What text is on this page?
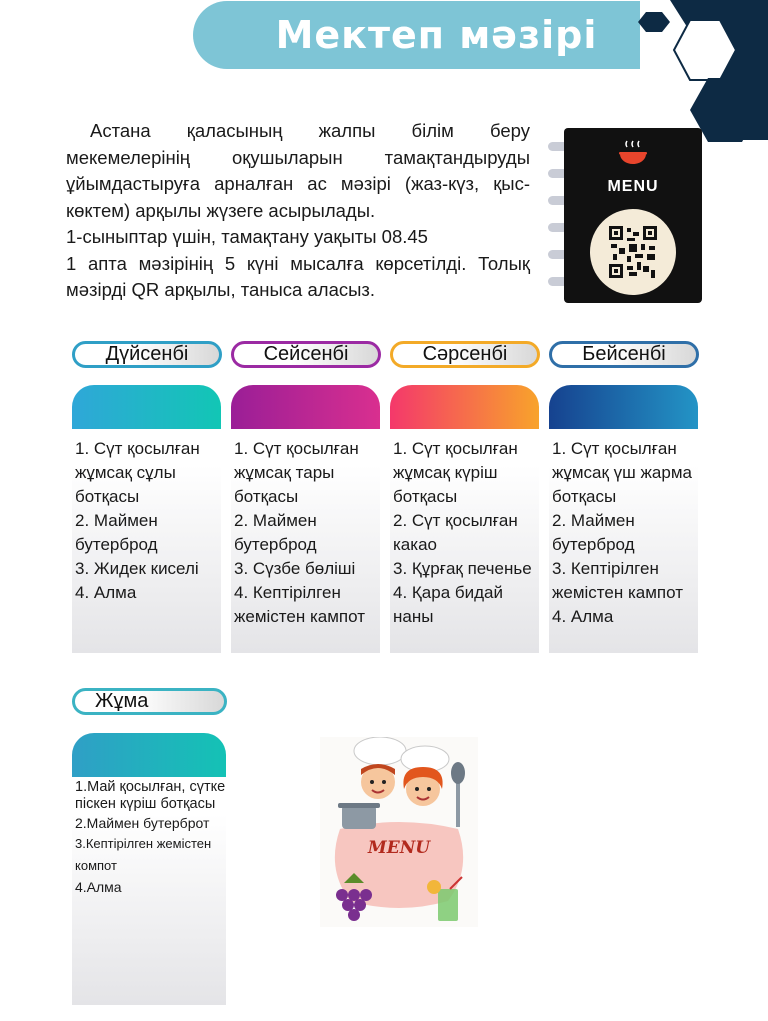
Мектеп мәзірі

Астана қаласының жалпы білім беру мекемелерінің оқушыларын тамақтандыруды ұйымдастыруға арналған ас мәзірі (жаз-күз, қыс-көктем) арқылы жүзеге асырылады.

1-сыныптар үшін, тамақтану уақыты 08.45

1 апта мәзірінің 5 күні мысалға көрсетілді. Толық мәзірді QR арқылы, таныса аласыз.

MENU
Дүйсенбі	Сейсенбі	Сәрсенбі	Бейсенбі
1. Сүт қосылған жұмсақ сұлы ботқасы
2. Маймен бутерброд
3. Жидек киселі
4. Алма
1. Сүт қосылған жұмсақ тары ботқасы
2. Маймен бутерброд
3. Сүзбе бөліші
4. Кептірілген жемістен кампот
1. Сүт қосылған жұмсақ күріш ботқасы
2. Сүт қосылған какао
3. Құрғақ печенье
4. Қара бидай наны
1. Сүт қосылған жұмсақ үш жарма ботқасы
2. Маймен бутерброд
3. Кептірілген жемістен кампот
4. Алма
Жұма
1.Май қосылған, сүтке піскен күріш ботқасы
2.Маймен бутерброт
3.Кептірілген жемістен компот
4.Алма
MENU
